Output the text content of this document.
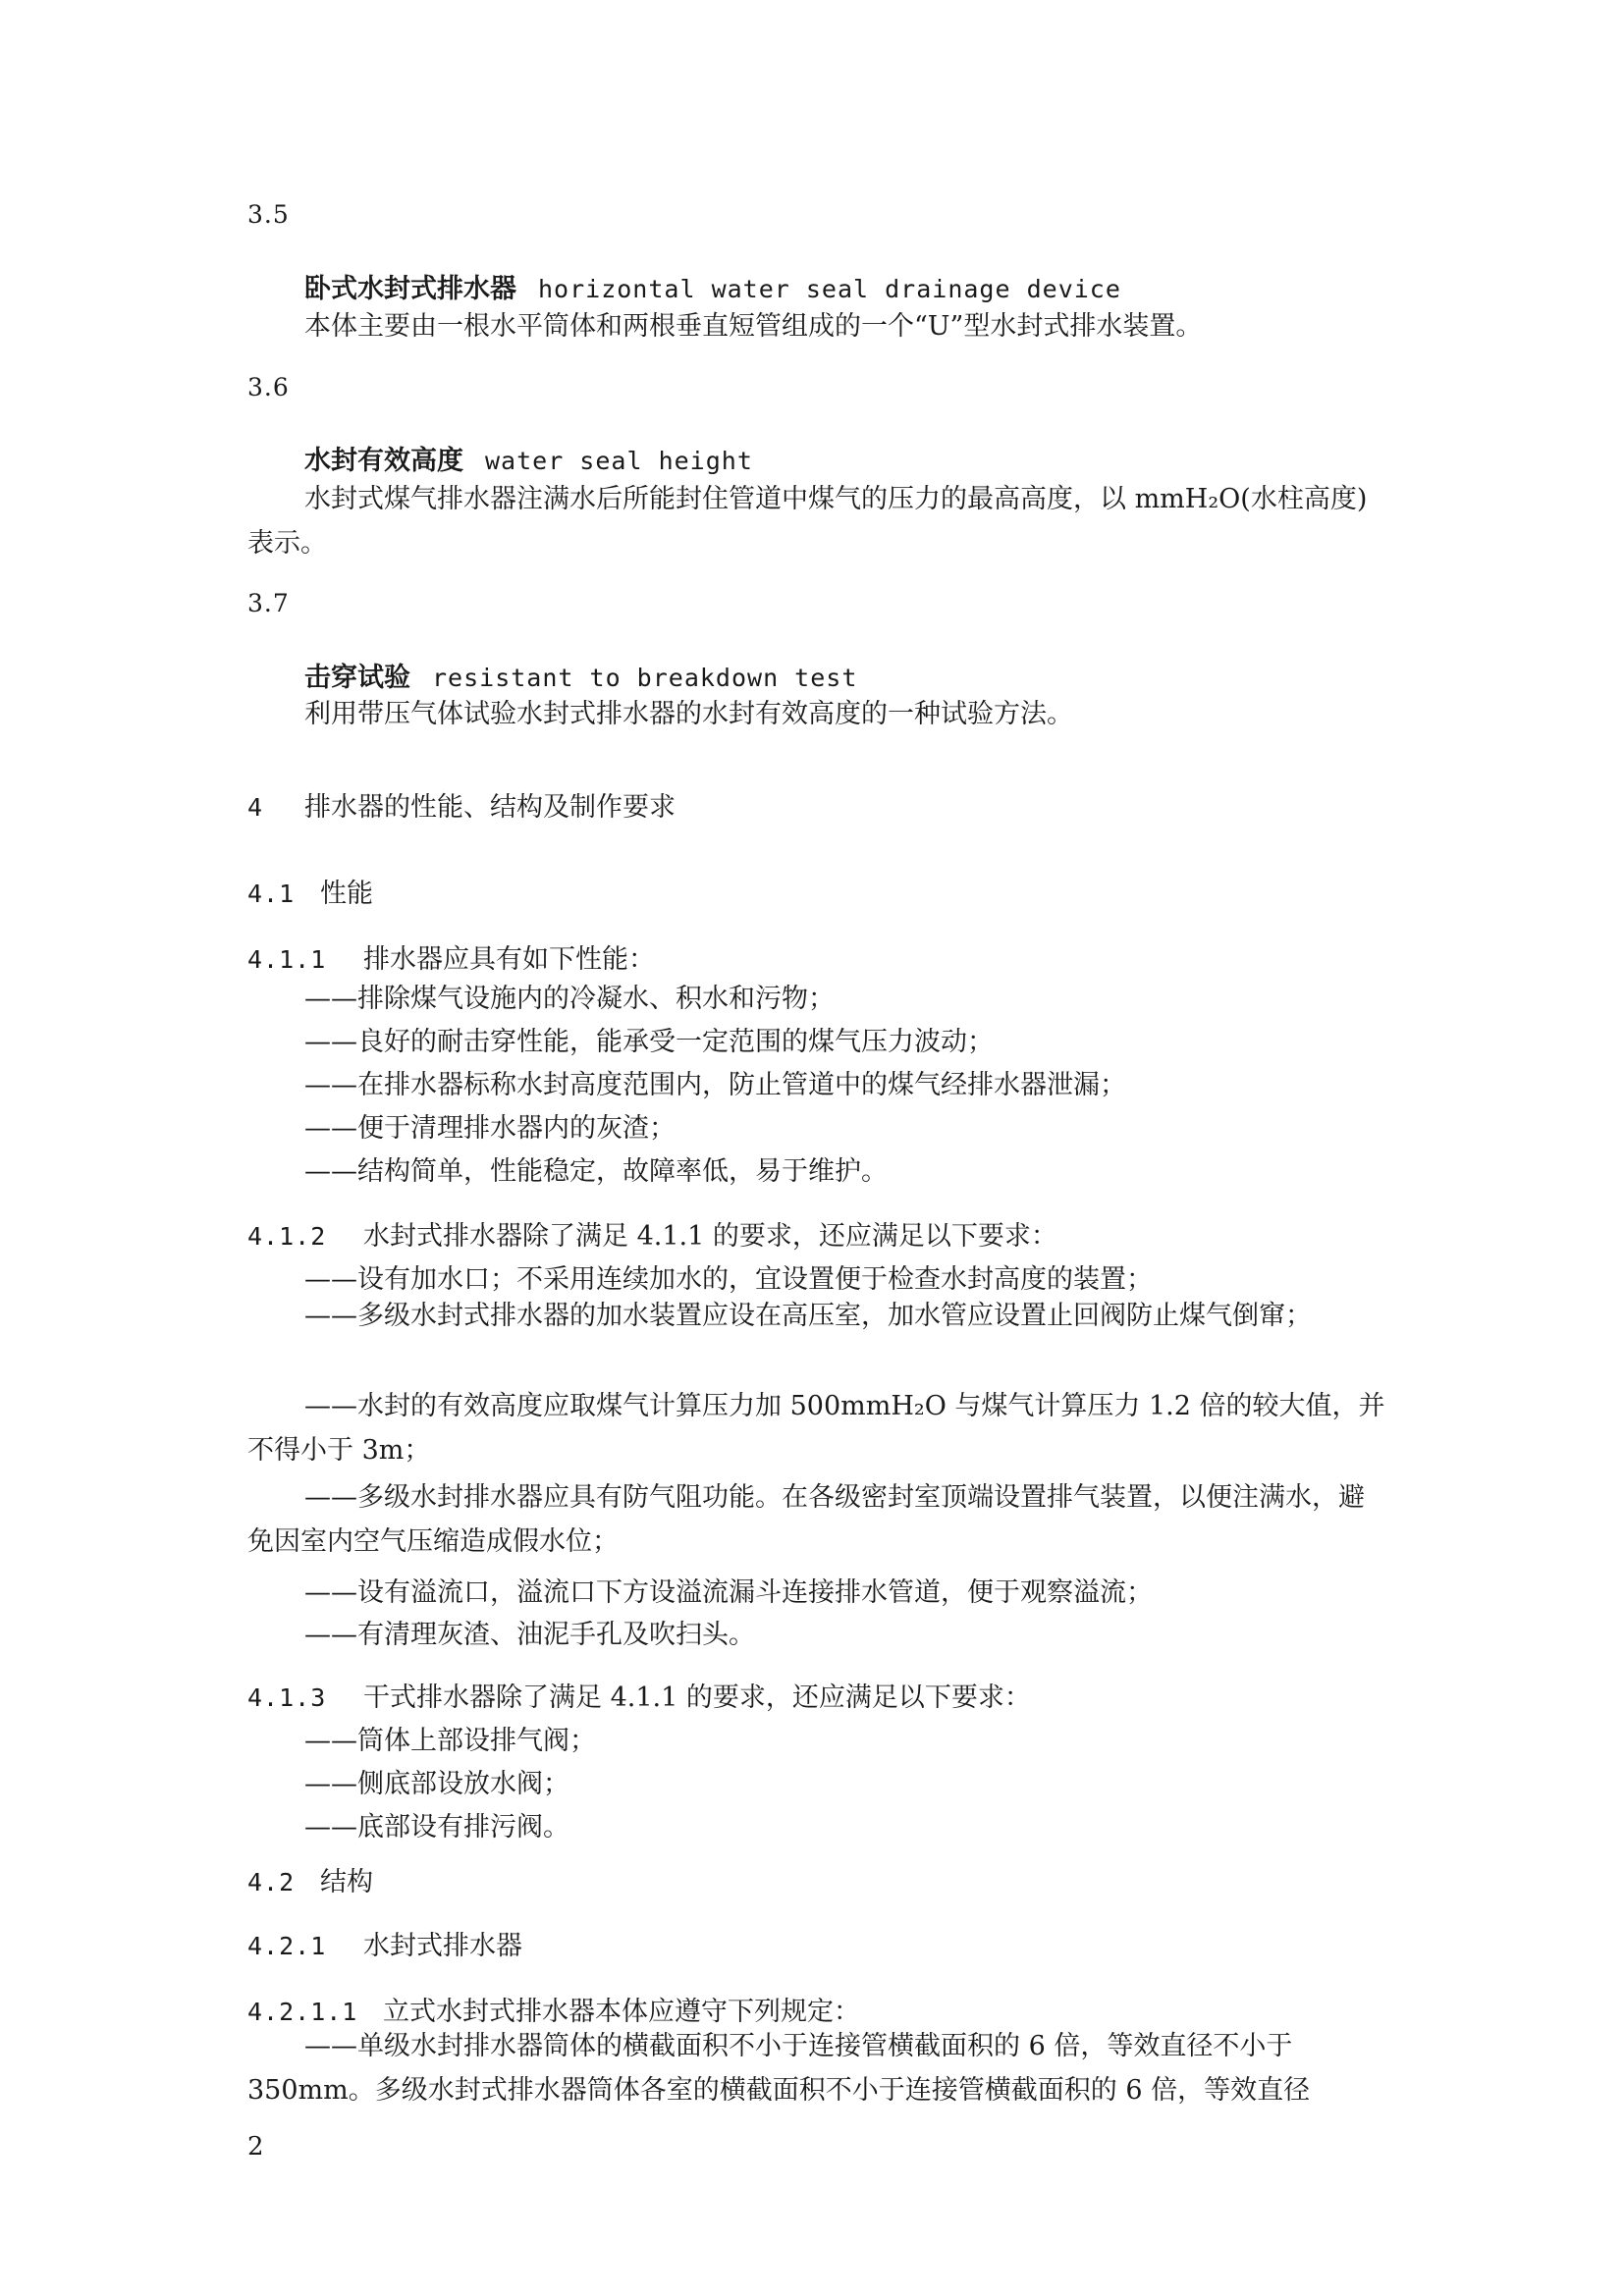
3.5
卧式水封式排水器 horizontal water seal drainage device
本体主要由一根水平筒体和两根垂直短管组成的一个“U”型水封式排水装置。
3.6
水封有效高度 water seal height
水封式煤气排水器注满水后所能封住管道中煤气的压力的最高高度，以 mmH₂O(水柱高度)表示。
3.7
击穿试验 resistant to breakdown test
利用带压气体试验水封式排水器的水封有效高度的一种试验方法。
4 排水器的性能、结构及制作要求
4.1 性能
4.1.1 排水器应具有如下性能：
——排除煤气设施内的冷凝水、积水和污物；
——良好的耐击穿性能，能承受一定范围的煤气压力波动；
——在排水器标称水封高度范围内，防止管道中的煤气经排水器泄漏；
——便于清理排水器内的灰渣；
——结构简单，性能稳定，故障率低，易于维护。
4.1.2 水封式排水器除了满足 4.1.1 的要求，还应满足以下要求：
——设有加水口；不采用连续加水的，宜设置便于检查水封高度的装置；
——多级水封式排水器的加水装置应设在高压室，加水管应设置止回阀防止煤气倒窜；
——水封的有效高度应取煤气计算压力加 500mmH₂O 与煤气计算压力 1.2 倍的较大值，并不得小于 3m；
——多级水封排水器应具有防气阻功能。在各级密封室顶端设置排气装置，以便注满水，避免因室内空气压缩造成假水位；
——设有溢流口，溢流口下方设溢流漏斗连接排水管道，便于观察溢流；
——有清理灰渣、油泥手孔及吹扫头。
4.1.3 干式排水器除了满足 4.1.1 的要求，还应满足以下要求：
——筒体上部设排气阀；
——侧底部设放水阀；
——底部设有排污阀。
4.2 结构
4.2.1 水封式排水器
4.2.1.1 立式水封式排水器本体应遵守下列规定：
——单级水封排水器筒体的横截面积不小于连接管横截面积的 6 倍，等效直径不小于350mm。多级水封式排水器筒体各室的横截面积不小于连接管横截面积的 6 倍，等效直径
2
